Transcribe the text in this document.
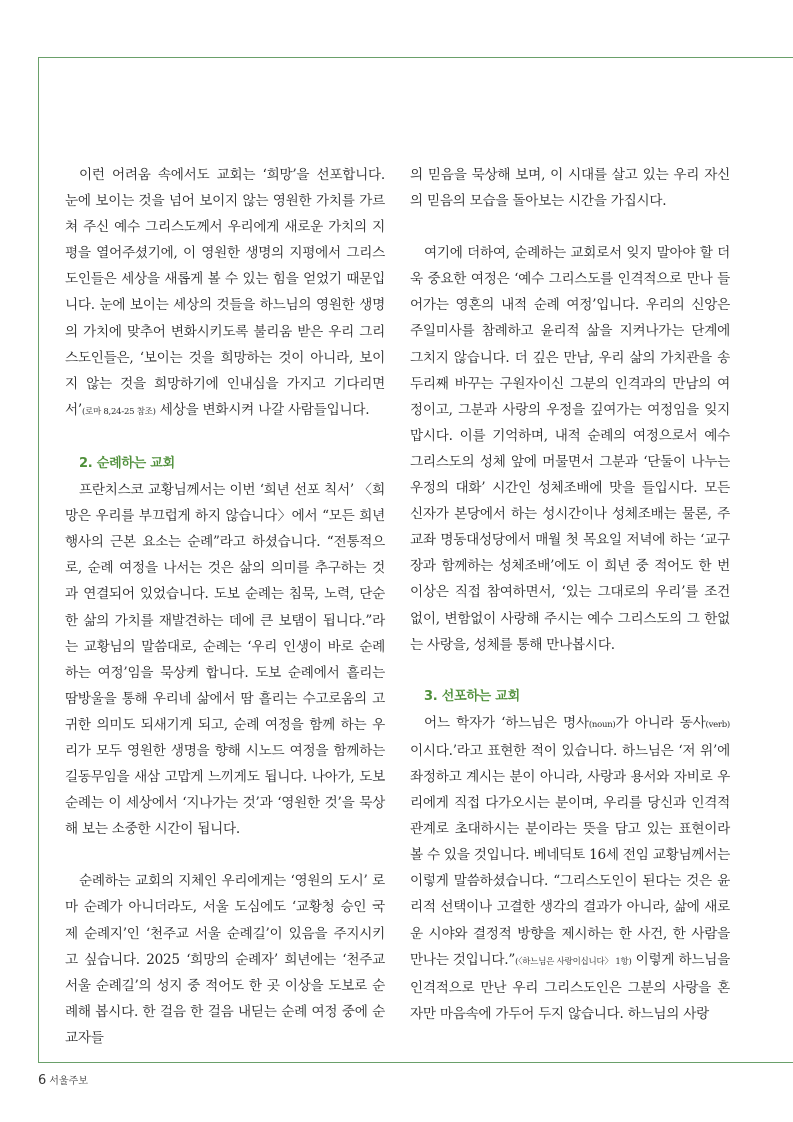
이런 어려움 속에서도 교회는 ‘희망’을 선포합니다. 눈에 보이는 것을 넘어 보이지 않는 영원한 가치를 가르쳐 주신 예수 그리스도께서 우리에게 새로운 가치의 지평을 열어주셨기에, 이 영원한 생명의 지평에서 그리스도인들은 세상을 새롭게 볼 수 있는 힘을 얻었기 때문입니다. 눈에 보이는 세상의 것들을 하느님의 영원한 생명의 가치에 맞추어 변화시키도록 불리움 받은 우리 그리스도인들은, ‘보이는 것을 희망하는 것이 아니라, 보이지 않는 것을 희망하기에 인내심을 가지고 기다리면서’(로마 8,24-25 참조) 세상을 변화시켜 나갈 사람들입니다.

2. 순례하는 교회

프란치스코 교황님께서는 이번 ‘희년 선포 칙서’ 〈희망은 우리를 부끄럽게 하지 않습니다〉에서 “모든 희년 행사의 근본 요소는 순례”라고 하셨습니다. “전통적으로, 순례 여정을 나서는 것은 삶의 의미를 추구하는 것과 연결되어 있었습니다. 도보 순례는 침묵, 노력, 단순한 삶의 가치를 재발견하는 데에 큰 보탬이 됩니다.”라는 교황님의 말씀대로, 순례는 ‘우리 인생이 바로 순례하는 여정’임을 묵상케 합니다. 도보 순례에서 흘리는 땀방울을 통해 우리네 삶에서 땀 흘리는 수고로움의 고귀한 의미도 되새기게 되고, 순례 여정을 함께 하는 우리가 모두 영원한 생명을 향해 시노드 여정을 함께하는 길동무임을 새삼 고맙게 느끼게도 됩니다. 나아가, 도보 순례는 이 세상에서 ‘지나가는 것’과 ‘영원한 것’을 묵상해 보는 소중한 시간이 됩니다.

순례하는 교회의 지체인 우리에게는 ‘영원의 도시’ 로마 순례가 아니더라도, 서울 도심에도 ‘교황청 승인 국제 순례지’인 ‘천주교 서울 순례길’이 있음을 주지시키고 싶습니다. 2025 ‘희망의 순례자’ 희년에는 ‘천주교 서울 순례길’의 성지 중 적어도 한 곳 이상을 도보로 순례해 봅시다. 한 걸음 한 걸음 내딛는 순례 여정 중에 순교자들

의 믿음을 묵상해 보며, 이 시대를 살고 있는 우리 자신의 믿음의 모습을 돌아보는 시간을 가집시다.

여기에 더하여, 순례하는 교회로서 잊지 말아야 할 더욱 중요한 여정은 ‘예수 그리스도를 인격적으로 만나 들어가는 영혼의 내적 순례 여정’입니다. 우리의 신앙은 주일미사를 참례하고 윤리적 삶을 지켜나가는 단계에 그치지 않습니다. 더 깊은 만남, 우리 삶의 가치관을 송두리째 바꾸는 구원자이신 그분의 인격과의 만남의 여정이고, 그분과 사랑의 우정을 깊여가는 여정임을 잊지 맙시다. 이를 기억하며, 내적 순례의 여정으로서 예수 그리스도의 성체 앞에 머물면서 그분과 ‘단둘이 나누는 우정의 대화’ 시간인 성체조배에 맛을 들입시다. 모든 신자가 본당에서 하는 성시간이나 성체조배는 물론, 주교좌 명동대성당에서 매월 첫 목요일 저녁에 하는 ‘교구장과 함께하는 성체조배’에도 이 희년 중 적어도 한 번 이상은 직접 참여하면서, ‘있는 그대로의 우리’를 조건 없이, 변함없이 사랑해 주시는 예수 그리스도의 그 한없는 사랑을, 성체를 통해 만나봅시다.

3. 선포하는 교회

어느 학자가 ‘하느님은 명사(noun)가 아니라 동사(verb)이시다.’라고 표현한 적이 있습니다. 하느님은 ‘저 위’에 좌정하고 계시는 분이 아니라, 사랑과 용서와 자비로 우리에게 직접 다가오시는 분이며, 우리를 당신과 인격적 관계로 초대하시는 분이라는 뜻을 담고 있는 표현이라 볼 수 있을 것입니다. 베네딕토 16세 전임 교황님께서는 이렇게 말씀하셨습니다. “그리스도인이 된다는 것은 윤리적 선택이나 고결한 생각의 결과가 아니라, 삶에 새로운 시야와 결정적 방향을 제시하는 한 사건, 한 사람을 만나는 것입니다.”(〈하느님은 사랑이십니다〉 1항) 이렇게 하느님을 인격적으로 만난 우리 그리스도인은 그분의 사랑을 혼자만 마음속에 가두어 두지 않습니다. 하느님의 사랑

6 서울주보
